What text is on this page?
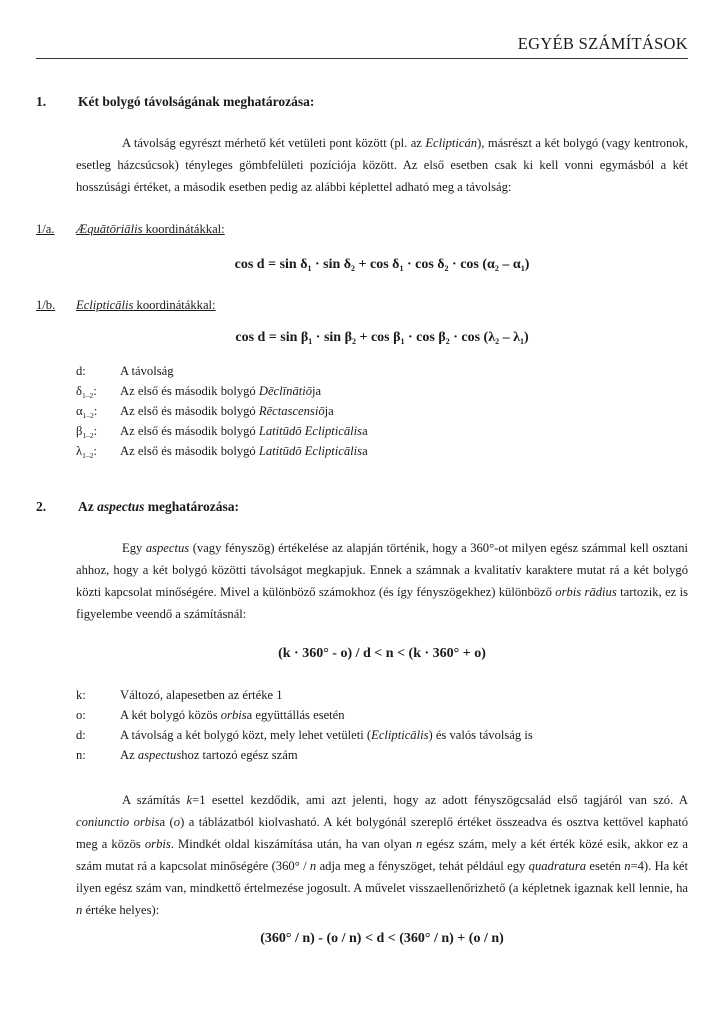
EGYÉB SZÁMÍTÁSOK
1. Két bolygó távolságának meghatározása:

A távolság egyrészt mérhető két vetületi pont között (pl. az Eclipticán), másrészt a két bolygó (vagy kentronok, esetleg házcsúcsok) tényleges gömbfelületi pozíciója között. Az első esetben csak ki kell vonni egymásból a két hosszúsági értéket, a második esetben pedig az alábbi képlettel adható meg a távolság:

1/a. Æquātōriālis koordinátákkal:
$\cos d = \sin \delta_1 \cdot \sin \delta_2 + \cos \delta_1 \cdot \cos \delta_2 \cdot \cos (\alpha_2 - \alpha_1)$
1/b. Eclipticālis koordinátákkal:
$\cos d = \sin \beta_1 \cdot \sin \beta_2 + \cos \beta_1 \cdot \cos \beta_2 \cdot \cos (\lambda_2 - \lambda_1)$
d:	A távolság
$\delta_{1-2}$: Az első és második bolygó Dēclīnātiōja
$\alpha_{1-2}$: Az első és második bolygó Rēctascensiōja
$\beta_{1-2}$: Az első és második bolygó Latitūdō Eclipticālisa
$\lambda_{1-2}$: Az első és második bolygó Latitūdō Eclipticālisa
2. Az aspectus meghatározása:

Egy aspectus (vagy fényszög) értékelése az alapján történik, hogy a 360°-ot milyen egész számmal kell osztani ahhoz, hogy a két bolygó közötti távolságot megkapjuk. Ennek a számnak a kvalitatív karaktere mutat rá a két bolygó közti kapcsolat minőségére. Mivel a különböző számokhoz (és így fényszögekhez) különböző orbis rādius tartozik, ez is figyelembe veendő a számításnál:

(k · 360° - o) / d < n < (k · 360° + o)
k:	Változó, alapesetben az értéke 1
o:	A két bolygó közös orbisa együttállás esetén
d:	A távolság a két bolygó közt, mely lehet vetületi (Eclipticālis) és valós távolság is
n:	Az aspectushoz tartozó egész szám

A számítás k=1 esettel kezdődik, ami azt jelenti, hogy az adott fényszögcsalád első tagjáról van szó. A coniunctio orbisa (o) a táblázatból kiolvasható. A két bolygónál szereplő értéket összeadva és osztva kettővel kapható meg a közös orbis. Mindkét oldal kiszámítása után, ha van olyan n egész szám, mely a két érték közé esik, akkor ez a szám mutat rá a kapcsolat minőségére (360° / n adja meg a fényszöget, tehát például egy quadratura esetén n=4). Ha két ilyen egész szám van, mindkettő értelmezése jogosult. A művelet visszaellenőrizhető (a képletnek igaznak kell lennie, ha n értéke helyes):

(360° / n) - (o / n) < d < (360° / n) + (o / n)
